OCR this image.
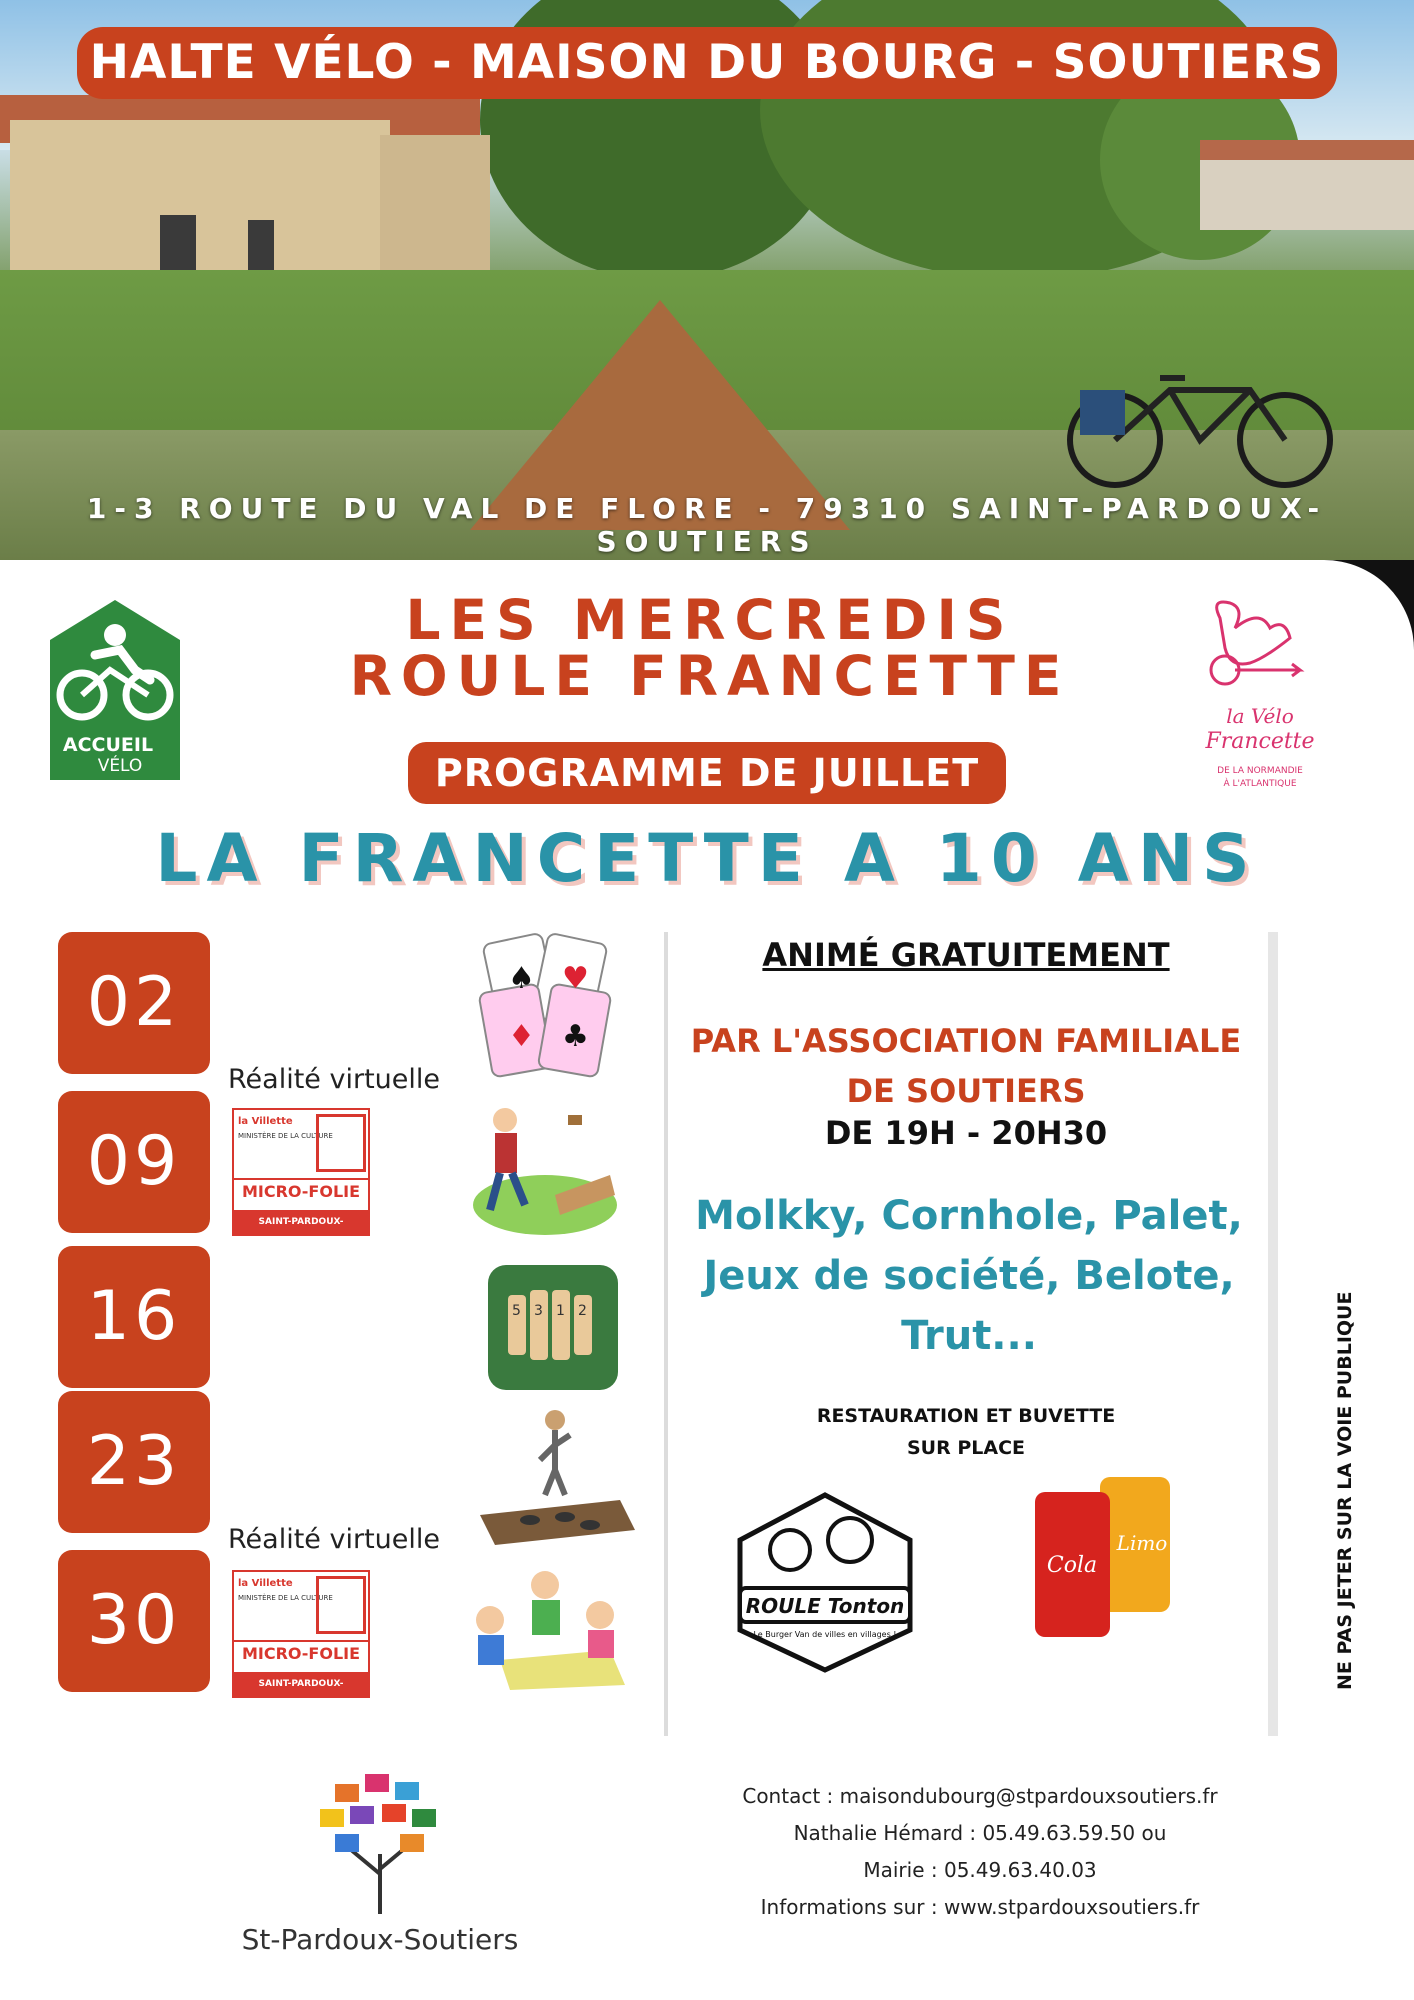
HALTE VÉLO - MAISON DU BOURG - SOUTIERS
1-3 ROUTE DU VAL DE FLORE - 79310 SAINT-PARDOUX-SOUTIERS
ACCUEIL
VÉLO
la Vélo
Francette
DE LA NORMANDIE
À L'ATLANTIQUE
LES MERCREDIS
ROULE FRANCETTE
PROGRAMME DE JUILLET
LA FRANCETTE A 10 ANS
02
09
16
23
30
Réalité virtuelle
Réalité virtuelle
la Villette
MINISTÈRE DE LA CULTURE
MICRO-FOLIE
SAINT-PARDOUX-SOUTIERS
la Villette
MINISTÈRE DE LA CULTURE
MICRO-FOLIE
SAINT-PARDOUX-SOUTIERS
♠ ♥
♦ ♣
5 3 1 2
ANIMÉ GRATUITEMENT
PAR L'ASSOCIATION FAMILIALE
DE SOUTIERS
DE 19H - 20H30
Molkky, Cornhole, Palet,
Jeux de société, Belote,
Trut...
RESTAURATION ET BUVETTE
SUR PLACE
ROULE Tonton
Le Burger Van de villes en villages !
Cola
Limo	NE PAS JETER SUR LA VOIE PUBLIQUE
St-Pardoux-Soutiers
Contact : maisondubourg@stpardouxsoutiers.fr
Nathalie Hémard : 05.49.63.59.50 ou
Mairie : 05.49.63.40.03
Informations sur : www.stpardouxsoutiers.fr
